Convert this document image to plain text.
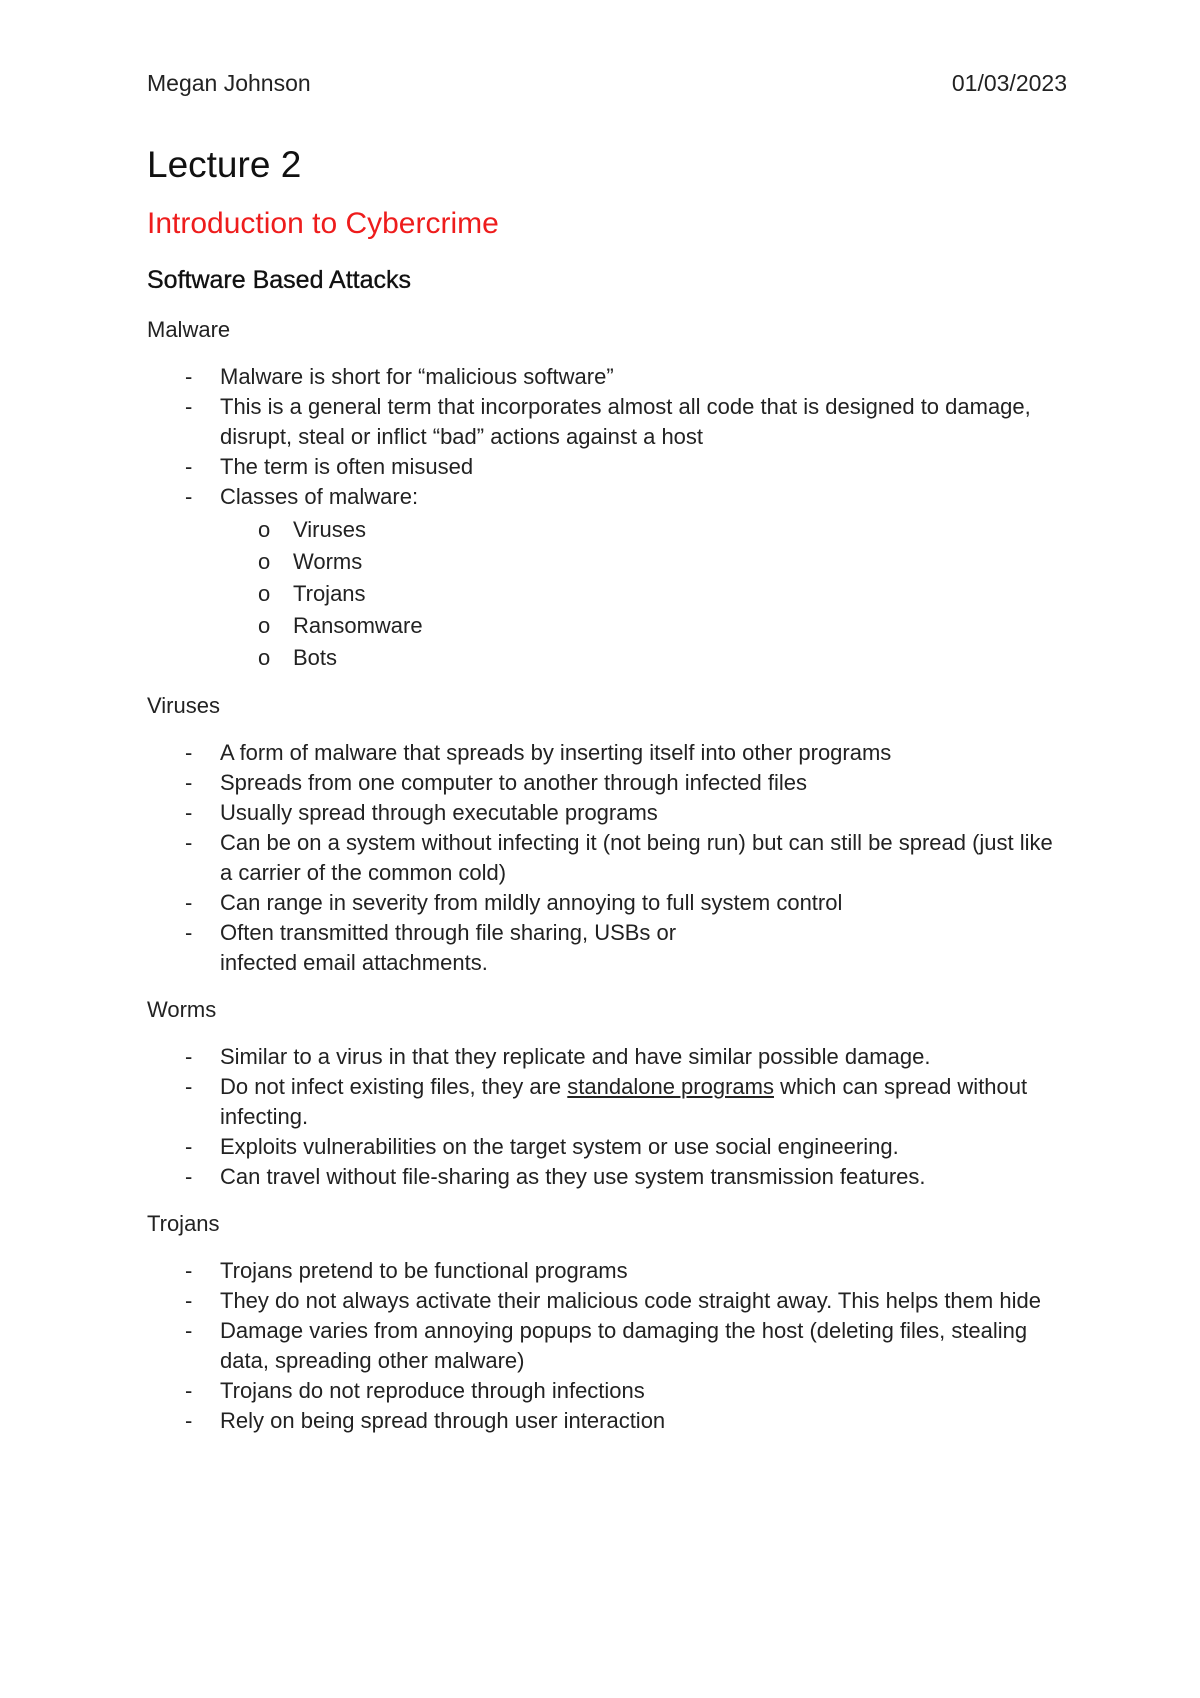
Megan Johnson	01/03/2023
Lecture 2
Introduction to Cybercrime
Software Based Attacks

Malware

- Malware is short for “malicious software”
- This is a general term that incorporates almost all code that is designed to damage, disrupt, steal or inflict “bad” actions against a host
- The term is often misused
- Classes of malware:
o Viruses
o Worms
o Trojans
o Ransomware
o Bots

Viruses

- A form of malware that spreads by inserting itself into other programs
- Spreads from one computer to another through infected files
- Usually spread through executable programs
- Can be on a system without infecting it (not being run) but can still be spread (just like a carrier of the common cold)
- Can range in severity from mildly annoying to full system control
- Often transmitted through file sharing, USBs or infected email attachments.

Worms

- Similar to a virus in that they replicate and have similar possible damage.
- Do not infect existing files, they are standalone programs which can spread without infecting.
- Exploits vulnerabilities on the target system or use social engineering.
- Can travel without file-sharing as they use system transmission features.

Trojans

- Trojans pretend to be functional programs
- They do not always activate their malicious code straight away. This helps them hide
- Damage varies from annoying popups to damaging the host (deleting files, stealing data, spreading other malware)
- Trojans do not reproduce through infections
- Rely on being spread through user interaction
